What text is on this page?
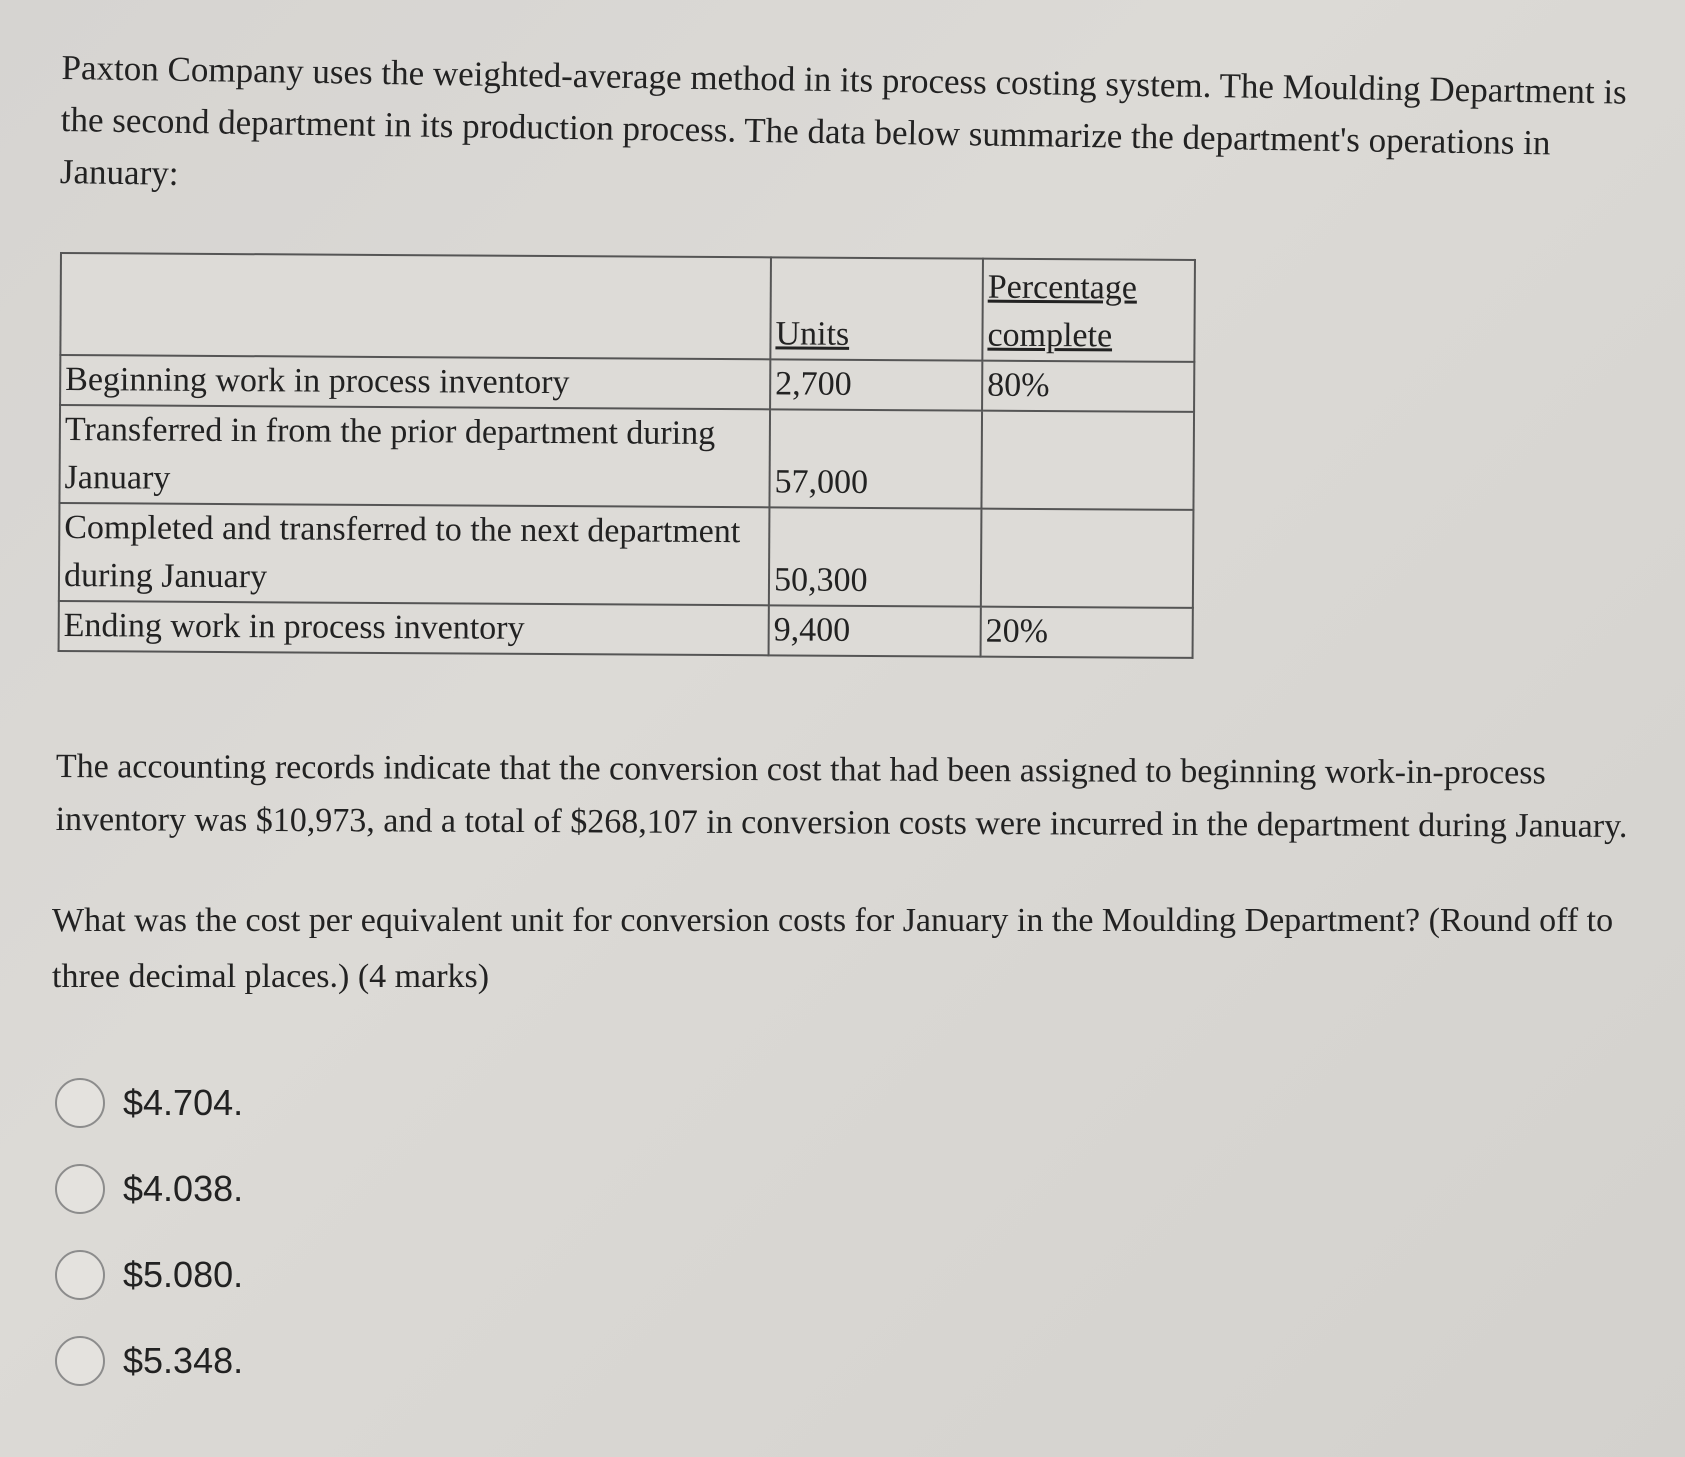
Paxton Company uses the weighted-average method in its process costing system. The Moulding Department is the second department in its production process. The data below summarize the department's operations in January:

	Units	Percentage complete
Beginning work in process inventory	2,700	80%
Transferred in from the prior department during January	57,000	
Completed and transferred to the next department during January	50,300	
Ending work in process inventory	9,400	20%

The accounting records indicate that the conversion cost that had been assigned to beginning work-in-process inventory was $10,973, and a total of $268,107 in conversion costs were incurred in the department during January.

What was the cost per equivalent unit for conversion costs for January in the Moulding Department? (Round off to three decimal places.) (4 marks)

$4.704.
$4.038.
$5.080.
$5.348.
